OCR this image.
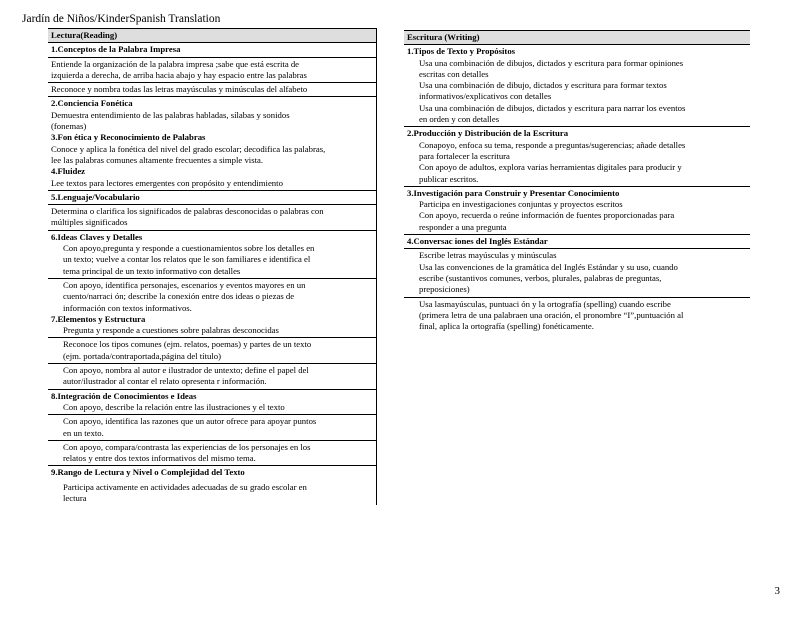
Jardín de Niños/KinderSpanish Translation
Lectura(Reading)
1.Conceptos de la Palabra Impresa
Entiende la organización de la palabra impresa ;sabe que está escrita de
izquierda a derecha, de arriba hacia abajo y hay espacio entre las palabras
Reconoce y nombra todas las letras mayúsculas y minúsculas del alfabeto
2.Conciencia Fonética
Demuestra entendimiento de las palabras habladas, sílabas y sonidos
(fonemas)
3.Fon ética y Reconocimiento de Palabras
Conoce y aplica la fonética del nivel del grado escolar; decodifica las palabras,
lee las palabras comunes altamente frecuentes a simple vista.
4.Fluidez
Lee textos para lectores emergentes con propósito y entendimiento
5.Lenguaje/Vocabulario
Determina o clarifica los significados de palabras desconocidas o palabras con
múltiples significados
6.Ideas Claves y Detalles
Con apoyo,pregunta y responde a cuestionamientos sobre los detalles en
un texto; vuelve a contar los relatos que le son familiares e identifica el
tema principal de un texto informativo con detalles
Con apoyo, identifica personajes, escenarios y eventos mayores en un
cuento/narraci ón; describe la conexión entre dos ideas o piezas de
información con textos informativos.
7.Elementos y Estructura
Pregunta y responde a cuestiones sobre palabras desconocidas
Reconoce los tipos comunes (ejm. relatos, poemas) y partes de un texto
(ejm. portada/contraportada,página del título)
Con apoyo, nombra al autor e ilustrador de untexto; define el papel del
autor/ilustrador al contar el relato opresenta r información.
8.Integración de Conocimientos e Ideas
Con apoyo, describe la relación entre las ilustraciones y el texto
Con apoyo, identifica las razones que un autor ofrece para apoyar puntos
en un texto.
Con apoyo, compara/contrasta las experiencias de los personajes en los
relatos y entre dos textos informativos del mismo tema.
9.Rango de Lectura y Nivel o Complejidad del Texto
Participa activamente en actividades adecuadas de su grado escolar en
lectura
Escritura (Writing)
1.Tipos de Texto y Propósitos
Usa una combinación de dibujos, dictados y escritura para formar opiniones
escritas con detalles
Usa una combinación de dibujo, dictados y escritura para formar textos
informativos/explicativos con detalles
Usa una combinación de dibujos, dictados y escritura para narrar los eventos
en orden y con detalles
2.Producción y Distribución de la Escritura
Conapoyo, enfoca su tema, responde a preguntas/sugerencias; añade detalles
para fortalecer la escritura
Con apoyo de adultos, explora varias herramientas digitales para producir y
publicar escritos.
3.Investigación para Construir y Presentar Conocimiento
Participa en investigaciones conjuntas y proyectos escritos
Con apoyo, recuerda o reúne información de fuentes proporcionadas para
responder a una pregunta
4.Conversac iones del Inglés Estándar
Escribe letras mayúsculas y minúsculas
Usa las convenciones de la gramática del Inglés Estándar y su uso, cuando
escribe (sustantivos comunes, verbos, plurales, palabras de preguntas,
preposiciones)
Usa lasmayúsculas, puntuaci ón y la ortografía (spelling) cuando escribe
(primera letra de una palabraen una oración, el pronombre “I”,puntuación al
final, aplica la ortografía (spelling) fonéticamente.
3
